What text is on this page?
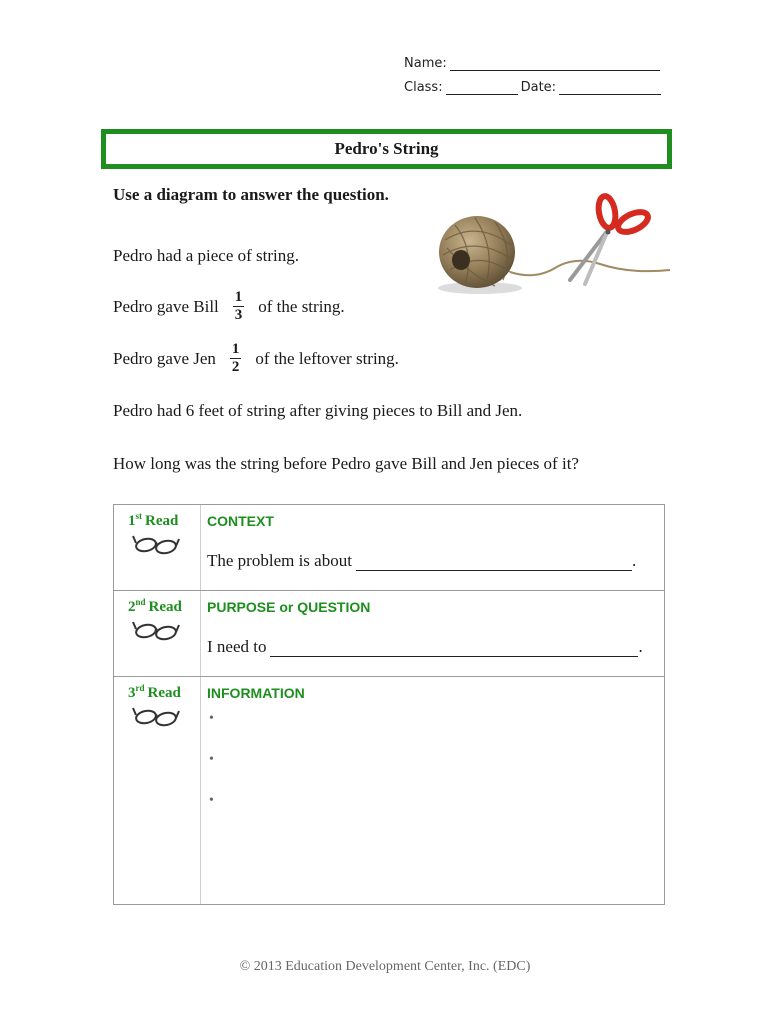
Name:
Class:	Date:
Pedro's String
Use a diagram to answer the question.
Pedro had a piece of string.
Pedro gave Bill $\frac{1}{3}$ of the string.
Pedro gave Jen $\frac{1}{2}$ of the leftover string.
Pedro had 6 feet of string after giving pieces to Bill and Jen.
How long was the string before Pedro gave Bill and Jen pieces of it?
1st Read CONTEXT
The problem is about	.
2nd Read PURPOSE or QUESTION
I need to	.
3rd Read INFORMATION
•
•
•
© 2013 Education Development Center, Inc. (EDC)
